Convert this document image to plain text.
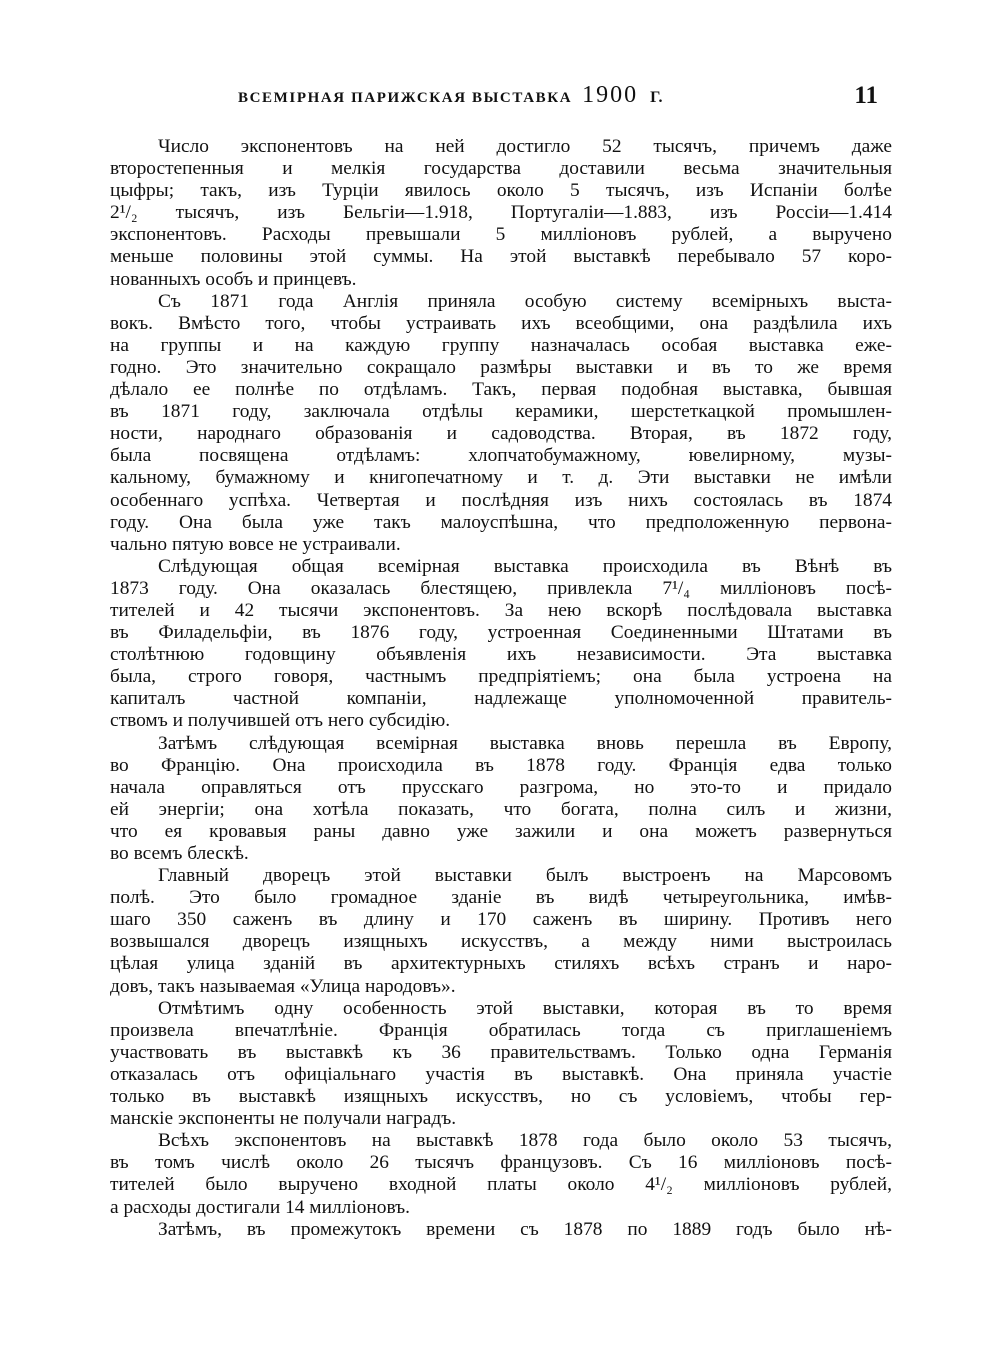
ВСЕМІРНАЯ ПАРИЖСКАЯ ВЫСТАВКА 1900 Г.	11
Число экспонентовъ на ней достигло 52 тысячъ, причемъ даже
второстепенныя и мелкія государства доставили весьма значительныя
цыфры; такъ, изъ Турціи явилось около 5 тысячъ, изъ Испаніи болѣе
2¹/₂ тысячъ, изъ Бельгіи—1.918, Португаліи—1.883, изъ Россіи—1.414
экспонентовъ. Расходы превышали 5 милліоновъ рублей, а выручено
меньше половины этой суммы. На этой выставкѣ перебывало 57 коро-
нованныхъ особъ и принцевъ.
Съ 1871 года Англія приняла особую систему всемірныхъ выста-
вокъ. Вмѣсто того, чтобы устраивать ихъ всеобщими, она раздѣлила ихъ
на группы и на каждую группу назначалась особая выставка еже-
годно. Это значительно сокращало размѣры выставки и въ то же время
дѣлало ее полнѣе по отдѣламъ. Такъ, первая подобная выставка, бывшая
въ 1871 году, заключала отдѣлы керамики, шерстеткацкой промышлен-
ности, народнаго образованія и садоводства. Вторая, въ 1872 году,
была посвящена отдѣламъ: хлопчатобумажному, ювелирному, музы-
кальному, бумажному и книгопечатному и т. д. Эти выставки не имѣли
особеннаго успѣха. Четвертая и послѣдняя изъ нихъ состоялась въ 1874
году. Она была уже такъ малоуспѣшна, что предположенную первона-
чально пятую вовсе не устраивали.
Слѣдующая общая всемірная выставка происходила въ Вѣнѣ въ
1873 году. Она оказалась блестящею, привлекла 7¹/₄ милліоновъ посѣ-
тителей и 42 тысячи экспонентовъ. За нею вскорѣ послѣдовала выставка
въ Филадельфіи, въ 1876 году, устроенная Соединенными Штатами въ
столѣтнюю годовщину объявленія ихъ независимости. Эта выставка
была, строго говоря, частнымъ предпріятіемъ; она была устроена на
капиталъ частной компаніи, надлежаще уполномоченной правитель-
ствомъ и получившей отъ него субсидію.
Затѣмъ слѣдующая всемірная выставка вновь перешла въ Европу,
во Францію. Она происходила въ 1878 году. Франція едва только
начала оправляться отъ прусскаго разгрома, но это-то и придало
ей энергіи; она хотѣла показать, что богата, полна силъ и жизни,
что ея кровавыя раны давно уже зажили и она можетъ развернуться
во всемъ блескѣ.
Главный дворецъ этой выставки былъ выстроенъ на Марсовомъ
полѣ. Это было громадное зданіе въ видѣ четыреугольника, имѣв-
шаго 350 саженъ въ длину и 170 саженъ въ ширину. Противъ него
возвышался дворецъ изящныхъ искусствъ, а между ними выстроилась
цѣлая улица зданій въ архитектурныхъ стиляхъ всѣхъ странъ и наро-
довъ, такъ называемая «Улица народовъ».
Отмѣтимъ одну особенность этой выставки, которая въ то время
произвела впечатлѣніе. Франція обратилась тогда съ приглашеніемъ
участвовать въ выставкѣ къ 36 правительствамъ. Только одна Германія
отказалась отъ офиціальнаго участія въ выставкѣ. Она приняла участіе
только въ выставкѣ изящныхъ искусствъ, но съ условіемъ, чтобы гер-
манскіе экспоненты не получали наградъ.
Всѣхъ экспонентовъ на выставкѣ 1878 года было около 53 тысячъ,
въ томъ числѣ около 26 тысячъ французовъ. Съ 16 милліоновъ посѣ-
тителей было выручено входной платы около 4¹/₂ милліоновъ рублей,
а расходы достигали 14 милліоновъ.
Затѣмъ, въ промежутокъ времени съ 1878 по 1889 годъ было нѣ-
